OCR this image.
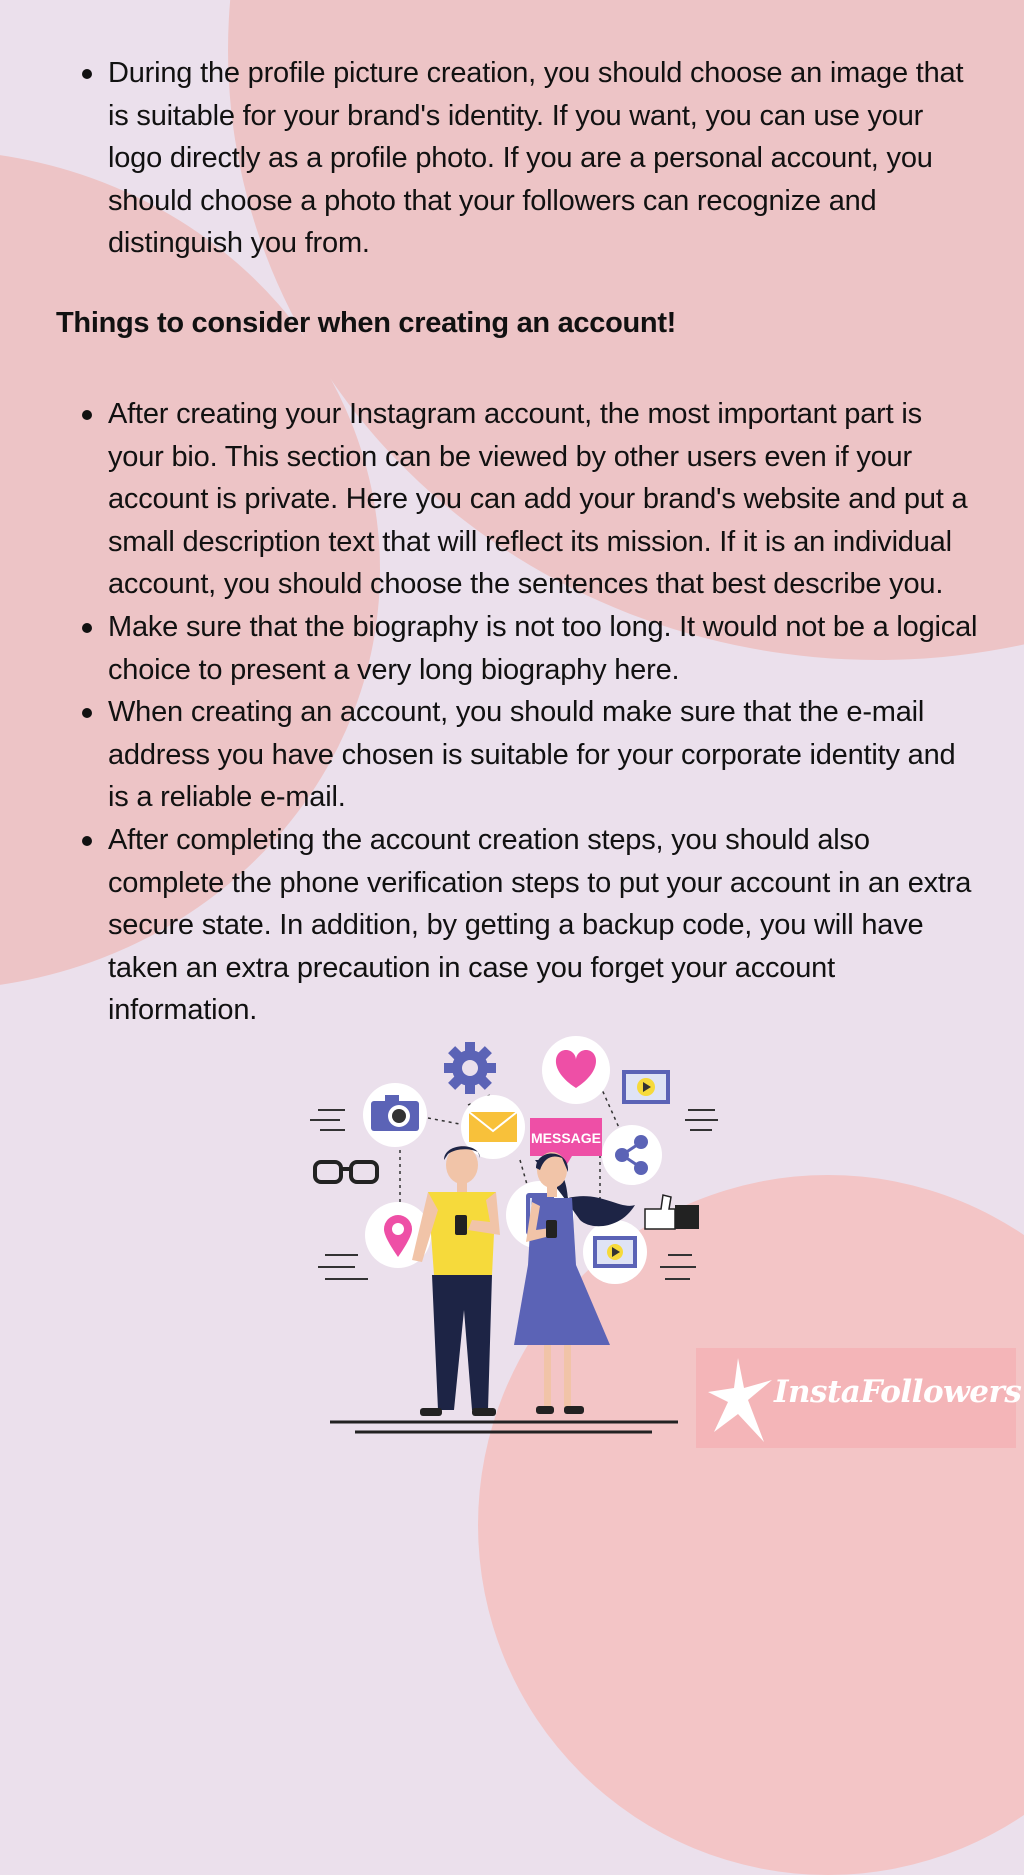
During the profile picture creation, you should choose an image that is suitable for your brand's identity. If you want, you can use your logo directly as a profile photo. If you are a personal account, you should choose a photo that your followers can recognize and distinguish you from.
Things to consider when creating an account!
After creating your Instagram account, the most important part is your bio. This section can be viewed by other users even if your account is private. Here you can add your brand's website and put a small description text that will reflect its mission. If it is an individual account, you should choose the sentences that best describe you.
Make sure that the biography is not too long. It would not be a logical choice to present a very long biography here.
When creating an account, you should make sure that the e-mail address you have chosen is suitable for your corporate identity and is a reliable e-mail.
After completing the account creation steps, you should also complete the phone verification steps to put your account in an extra secure state. In addition, by getting a backup code, you will have taken an extra precaution in case you forget your account information.
MESSAGE
InstaFollowers
